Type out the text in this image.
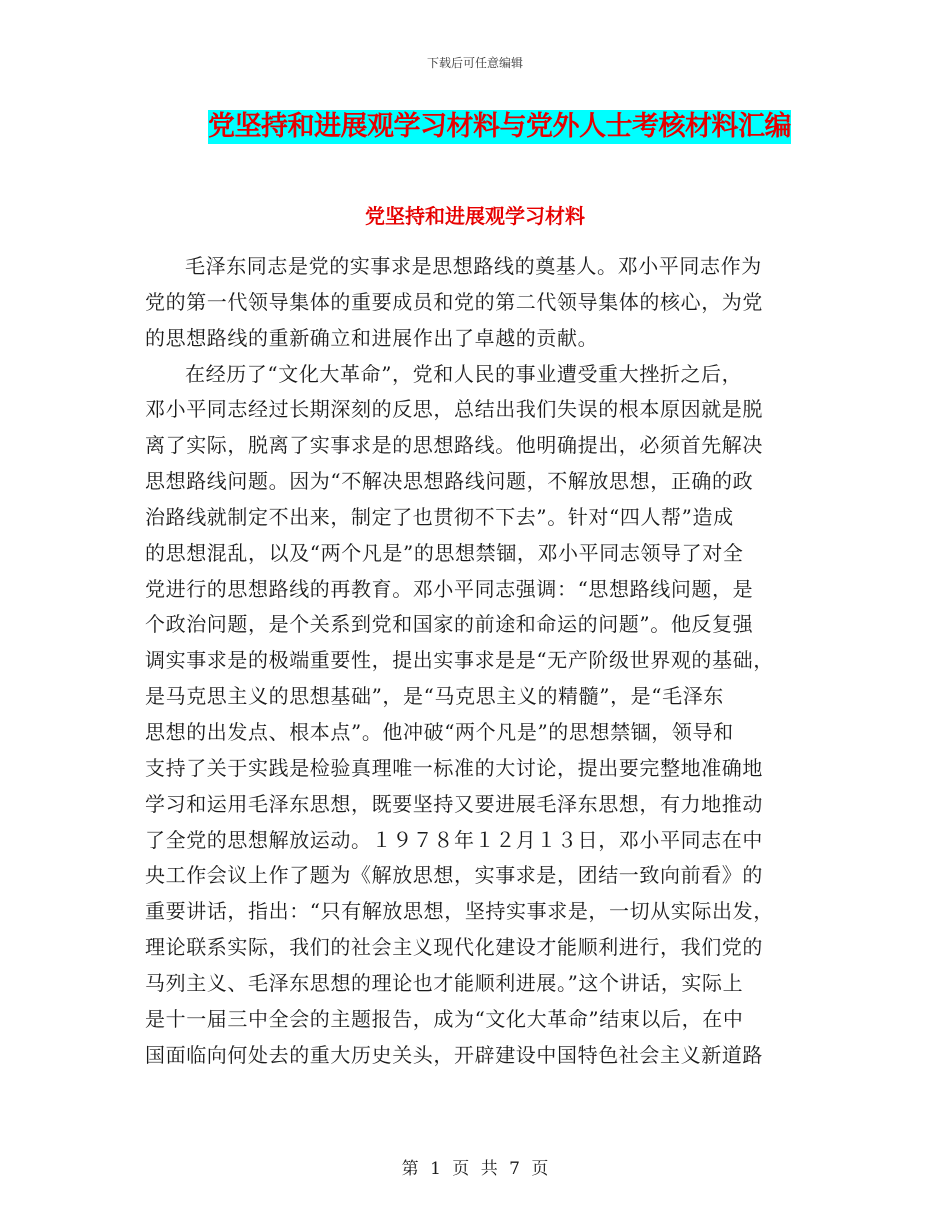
下载后可任意编辑
党坚持和进展观学习材料与党外人士考核材料汇编
党坚持和进展观学习材料
毛泽东同志是党的实事求是思想路线的奠基人。邓小平同志作为
党的第一代领导集体的重要成员和党的第二代领导集体的核心，为党
的思想路线的重新确立和进展作出了卓越的贡献。
在经历了“文化大革命”，党和人民的事业遭受重大挫折之后，
邓小平同志经过长期深刻的反思，总结出我们失误的根本原因就是脱
离了实际，脱离了实事求是的思想路线。他明确提出，必须首先解决
思想路线问题。因为“不解决思想路线问题，不解放思想，正确的政
治路线就制定不出来，制定了也贯彻不下去”。针对“四人帮”造成
的思想混乱，以及“两个凡是”的思想禁锢，邓小平同志领导了对全
党进行的思想路线的再教育。邓小平同志强调：“思想路线问题，是
个政治问题，是个关系到党和国家的前途和命运的问题”。他反复强
调实事求是的极端重要性，提出实事求是是“无产阶级世界观的基础，
是马克思主义的思想基础”，是“马克思主义的精髓”，是“毛泽东
思想的出发点、根本点”。他冲破“两个凡是”的思想禁锢，领导和
支持了关于实践是检验真理唯一标准的大讨论，提出要完整地准确地
学习和运用毛泽东思想，既要坚持又要进展毛泽东思想，有力地推动
了全党的思想解放运动。１９７８年１２月１３日，邓小平同志在中
央工作会议上作了题为《解放思想，实事求是，团结一致向前看》的
重要讲话，指出：“只有解放思想，坚持实事求是，一切从实际出发，
理论联系实际，我们的社会主义现代化建设才能顺利进行，我们党的
马列主义、毛泽东思想的理论也才能顺利进展。”这个讲话，实际上
是十一届三中全会的主题报告，成为“文化大革命”结束以后，在中
国面临向何处去的重大历史关头，开辟建设中国特色社会主义新道路
第 1 页 共 7 页
